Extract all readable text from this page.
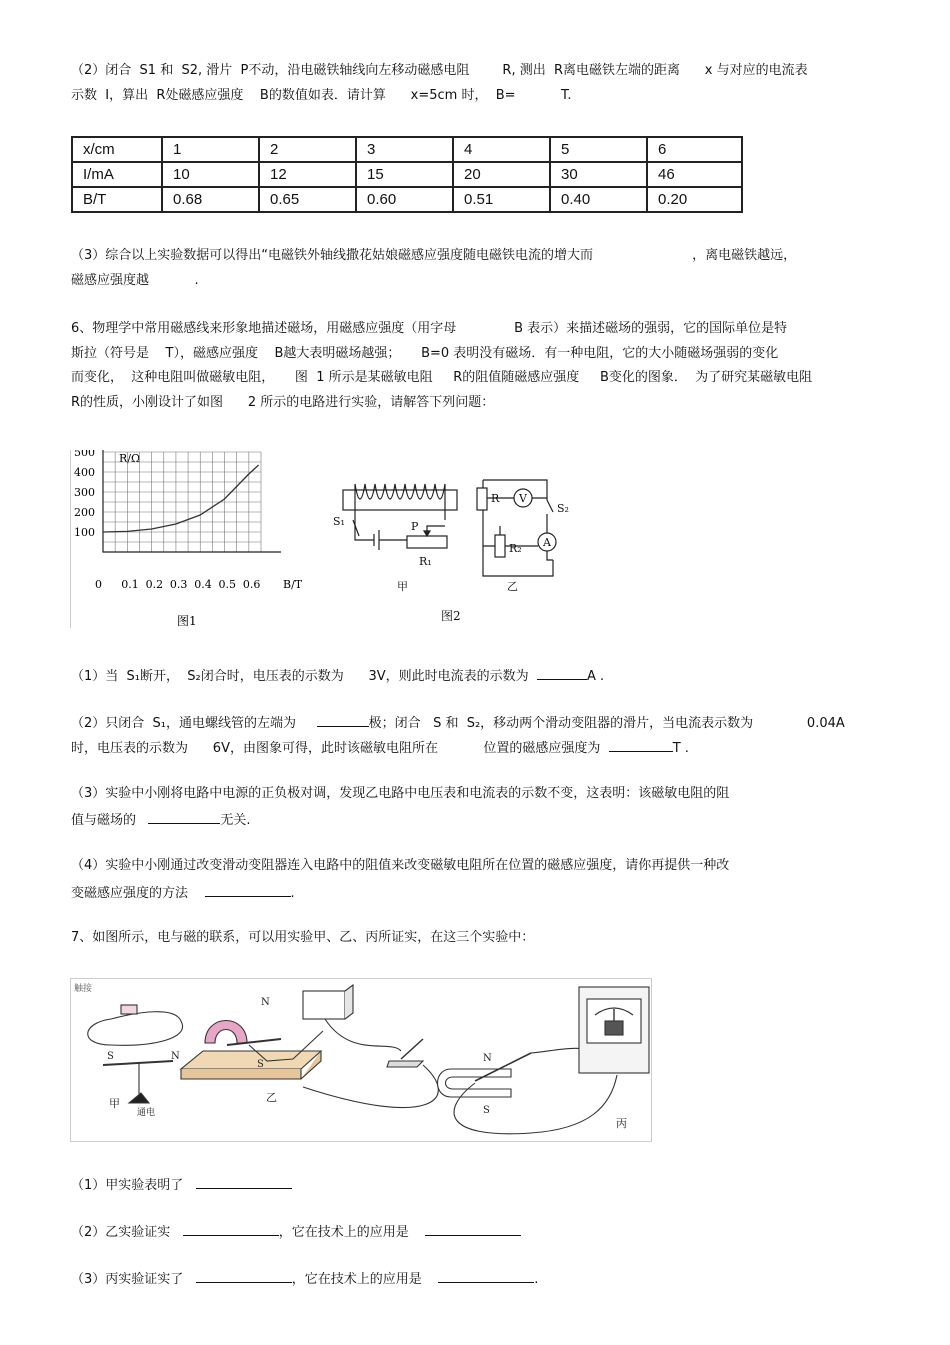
（2）闭合  S1 和  S2, 滑片  P不动，沿电磁铁轴线向左移动磁感电阻        R, 测出  R离电磁铁左端的距离      x 与对应的电流表
示数  I，算出  R处磁感应强度    B的数值如表．请计算      x=5cm 时，  B=           T.
x/cm	1	2	3	4	5	6
I/mA	10	12	15	20	30	46
B/T	0.68	0.65	0.60	0.51	0.40	0.20
（3）综合以上实验数据可以得出“电磁铁外轴线撒花姑娘磁感应强度随电磁铁电流的增大而                        ，离电磁铁越远，
磁感应强度越           .
6、物理学中常用磁感线来形象地描述磁场，用磁感应强度（用字母              B 表示）来描述磁场的强弱，它的国际单位是特
斯拉（符号是    T），磁感应强度    B越大表明磁场越强；     B=0 表明没有磁场．有一种电阻，它的大小随磁场强弱的变化
而变化，  这种电阻叫做磁敏电阻，     图  1 所示是某磁敏电阻     R的阻值随磁感应强度     B变化的图象．  为了研究某磁敏电阻
R的性质，小刚设计了如图      2 所示的电路进行实验，请解答下列问题：
R/Ω
500
400
300
200
100
0 0.1 0.2 0.3 0.4 0.5 0.6 B/T
图1
S₁	P
R₁
甲
R V
S₂
R₂ A
乙
图2
（1）当  S₁断开，  S₂闭合时，电压表的示数为      3V，则此时电流表的示数为	A .
（2）只闭合  S₁，通电螺线管的左端为	极；闭合   S 和  S₂，移动两个滑动变阻器的滑片，当电流表示数为	0.04A
时，电压表的示数为      6V，由图象可得，此时该磁敏电阻所在           位置的磁感应强度为	T .
（3）实验中小刚将电路中电源的正负极对调，发现乙电路中电压表和电流表的示数不变，这表明：该磁敏电阻的阻
值与磁场的	无关.
（4）实验中小刚通过改变滑动变阻器连入电路中的阻值来改变磁敏电阻所在位置的磁感应强度，请你再提供一种改
变磁感应强度的方法	.
7、如图所示，电与磁的联系，可以用实验甲、乙、丙所证实，在这三个实验中：
触接
S	N
甲
通电
S
N
乙
N
S
丙
（1）甲实验表明了
（2）乙实验证实	，它在技术上的应用是
（3）丙实验证实了	，它在技术上的应用是	.
